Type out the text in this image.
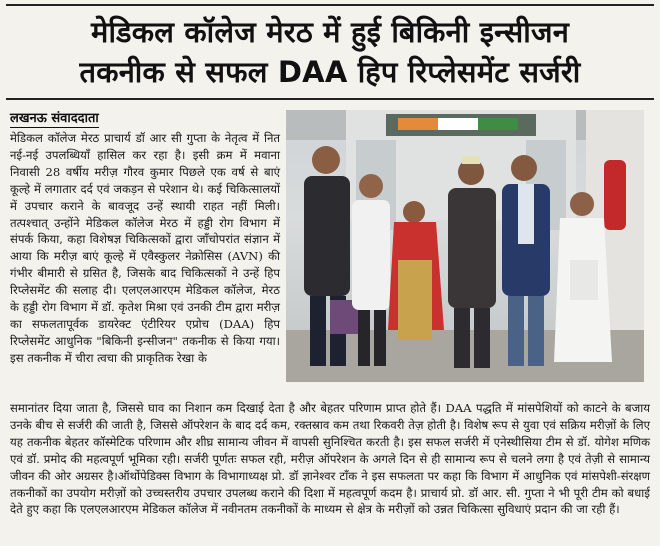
मेडिकल कॉलेज मेरठ में हुई बिकिनी इन्सीजन
तकनीक से सफल DAA हिप रिप्लेसमेंट सर्जरी
लखनऊ संवाददाता
मेडिकल कॉलेज मेरठ प्राचार्य डॉ आर सी गुप्ता के नेतृत्व में नित नई-नई उपलब्धियाँ हासिल कर रहा है। इसी क्रम में मवाना निवासी 28 वर्षीय मरीज़ गौरव कुमार पिछले एक वर्ष से बाएं कूल्हे में लगातार दर्द एवं जकड़न से परेशान थे। कई चिकित्सालयों में उपचार कराने के बावजूद उन्हें स्थायी राहत नहीं मिली। तत्पश्चात् उन्होंने मेडिकल कॉलेज मेरठ में हड्डी रोग विभाग में संपर्क किया, कहा विशेषज्ञ चिकित्सकों द्वारा जाँचोपरांत संज्ञान में आया कि मरीज़ बाएं कूल्हे में एवैस्कुलर नेक्रोसिस (AVN) की गंभीर बीमारी से ग्रसित है, जिसके बाद चिकित्सकों ने उन्हें हिप रिप्लेसमेंट की सलाह दी। एलएलआरएम मेडिकल कॉलेज, मेरठ के हड्डी रोग विभाग में डॉ. कृतेश मिश्रा एवं उनकी टीम द्वारा मरीज़ का सफलतापूर्वक डायरेक्ट एंटीरियर एप्रोच (DAA) हिप रिप्लेसमेंट आधुनिक "बिकिनी इन्सीजन" तकनीक से किया गया। इस तकनीक में चीरा त्वचा की प्राकृतिक रेखा के
समानांतर दिया जाता है, जिससे घाव का निशान कम दिखाई देता है और बेहतर परिणाम प्राप्त होते हैं। DAA पद्धति में मांसपेशियों को काटने के बजाय उनके बीच से सर्जरी की जाती है, जिससे ऑपरेशन के बाद दर्द कम, रक्तस्राव कम तथा रिकवरी तेज़ होती है। विशेष रूप से युवा एवं सक्रिय मरीज़ों के लिए यह तकनीक बेहतर कॉस्मेटिक परिणाम और शीघ्र सामान्य जीवन में वापसी सुनिश्चित करती है। इस सफल सर्जरी में एनेस्थीसिया टीम से डॉ. योगेश मणिक एवं डॉ. प्रमोद की महत्वपूर्ण भूमिका रही। सर्जरी पूर्णतः सफल रही, मरीज़ ऑपरेशन के अगले दिन से ही सामान्य रूप से चलने लगा है एवं तेज़ी से सामान्य जीवन की ओर अग्रसर है।ऑर्थोपेडिक्स विभाग के विभागाध्यक्ष प्रो. डॉ ज्ञानेश्वर टाँक ने इस सफलता पर कहा कि विभाग में आधुनिक एवं मांसपेशी-संरक्षण तकनीकों का उपयोग मरीज़ों को उच्चस्तरीय उपचार उपलब्ध कराने की दिशा में महत्वपूर्ण कदम है। प्राचार्य प्रो. डॉ आर. सी. गुप्ता ने भी पूरी टीम को बधाई देते हुए कहा कि एलएलआरएम मेडिकल कॉलेज में नवीनतम तकनीकों के माध्यम से क्षेत्र के मरीज़ों को उन्नत चिकित्सा सुविधाएं प्रदान की जा रही हैं।
